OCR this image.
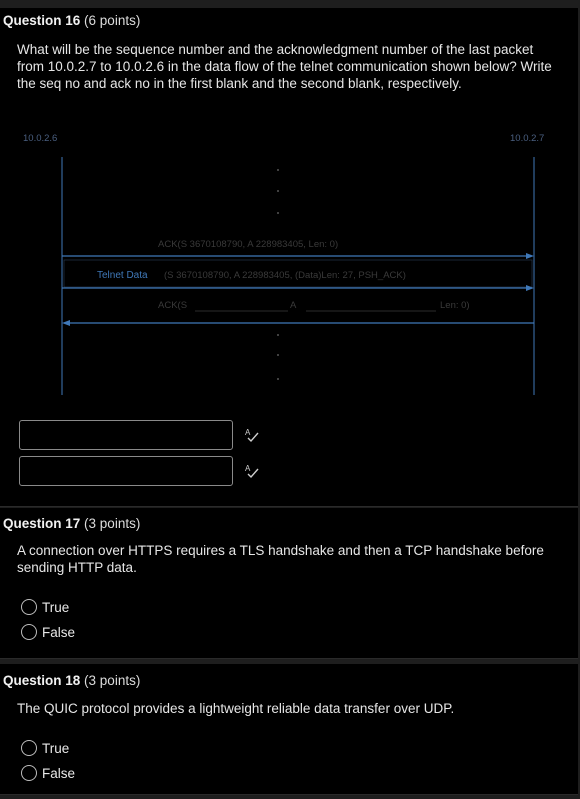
Question 16 (6 points)

What will be the sequence number and the acknowledgment number of the last packet from 10.0.2.7 to 10.0.2.6 in the data flow of the telnet communication shown below? Write the seq no and ack no in the first blank and the second blank, respectively.
10.0.2.6	10.0.2.7
ACK(S 3670108790, A 228983405, Len: 0)
Telnet Data (S 3670108790, A 228983405, (Data)Len: 27, PSH_ACK)
ACK(S	A	Len: 0)
A
A

Question 17 (3 points)

A connection over HTTPS requires a TLS handshake and then a TCP handshake before sending HTTP data.
True
False

Question 18 (3 points)

The QUIC protocol provides a lightweight reliable data transfer over UDP.
True
False
